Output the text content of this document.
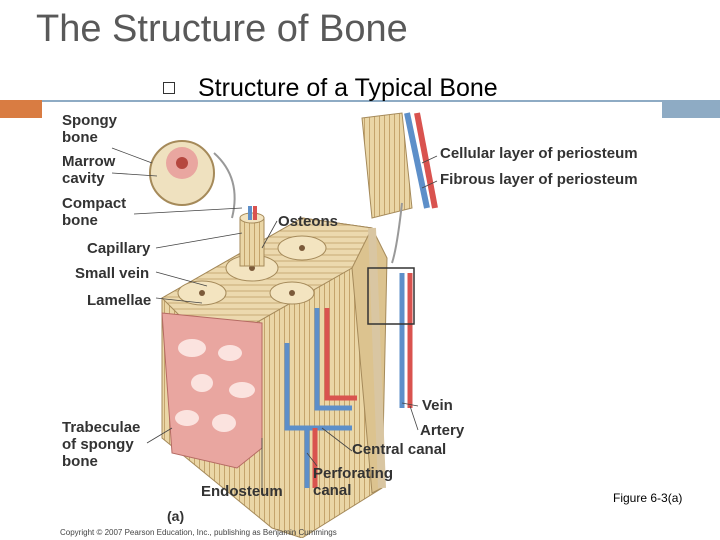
The Structure of Bone
Structure of a Typical Bone
Spongy
bone
Marrow
cavity
Compact
bone
Capillary
Small vein
Lamellae
Osteons
Cellular layer of periosteum
Fibrous layer of periosteum
Vein
Artery
Central canal
Trabeculae
of spongy
bone
Perforating
canal
Endosteum
(a)
Figure 6-3(a)
Copyright © 2007 Pearson Education, Inc., publishing as Benjamin Cummings
